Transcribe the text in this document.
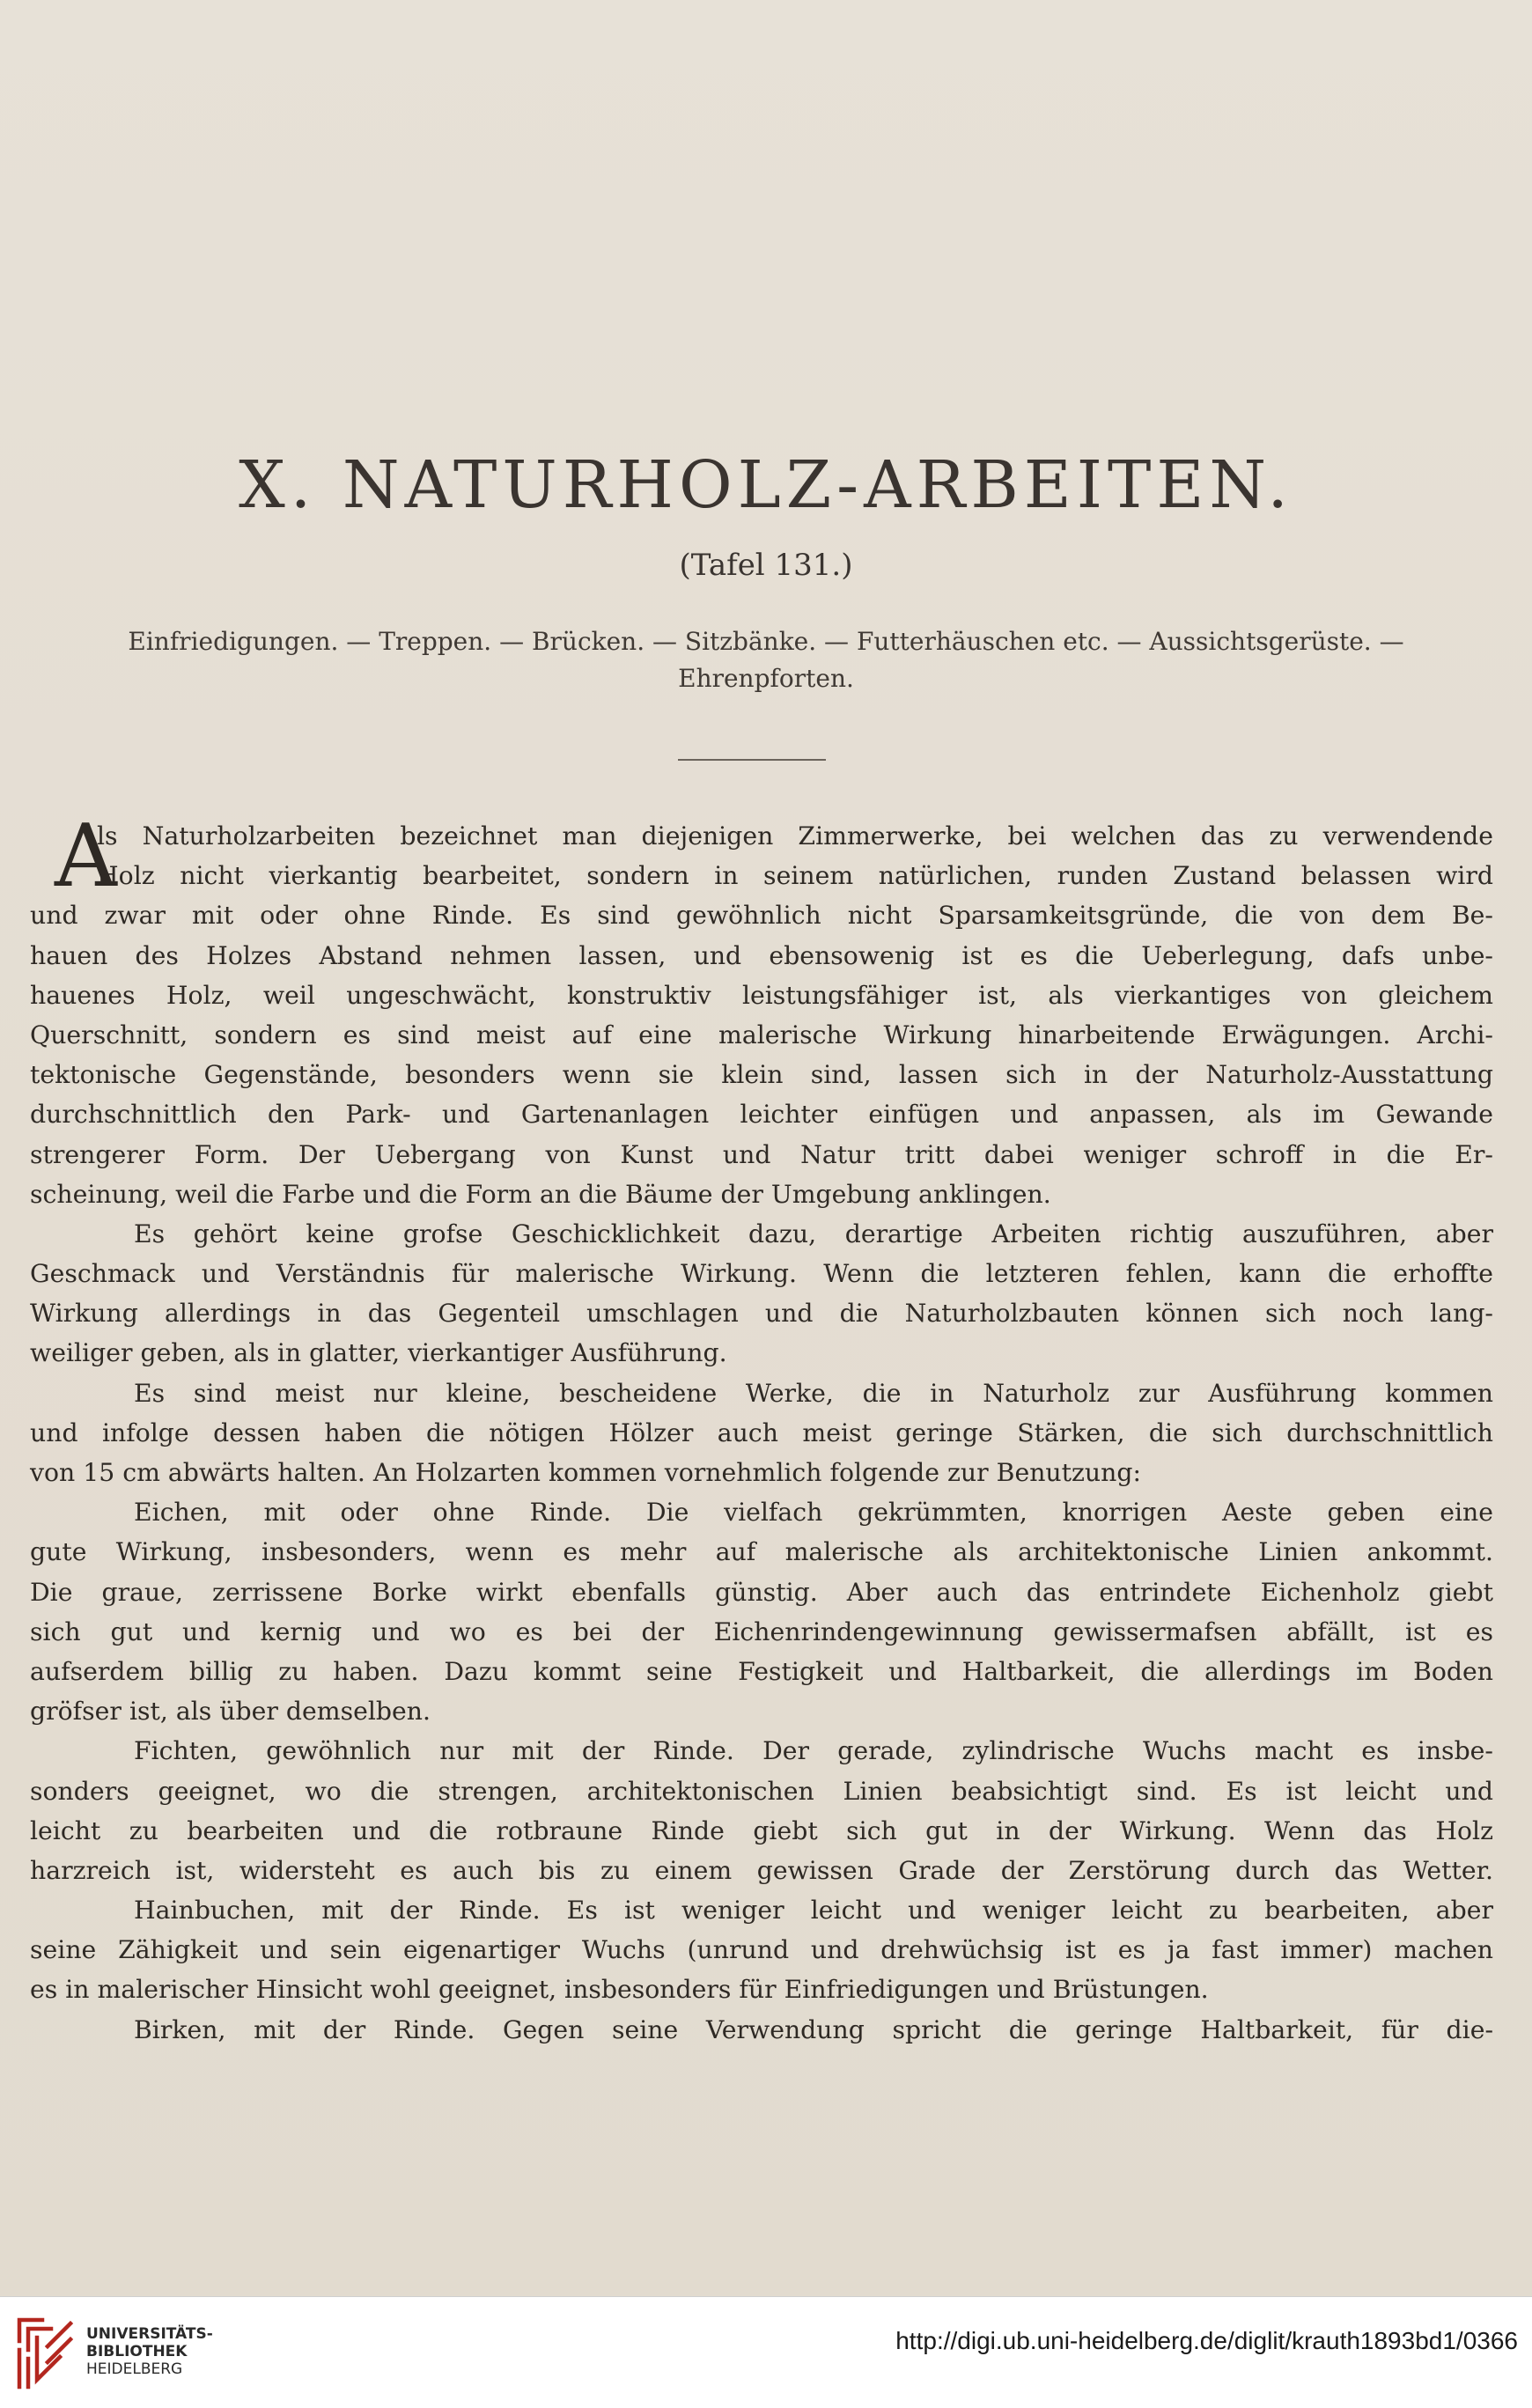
X. NATURHOLZ-ARBEITEN.
(Tafel 131.)
Einfriedigungen. — Treppen. — Brücken. — Sitzbänke. — Futterhäuschen etc. — Aussichtsgerüste. —
Ehrenpforten.
A
ls Naturholzarbeiten bezeichnet man diejenigen Zimmerwerke, bei welchen das zu verwendende
Holz nicht vierkantig bearbeitet, sondern in seinem natürlichen, runden Zustand belassen wird
und zwar mit oder ohne Rinde. Es sind gewöhnlich nicht Sparsamkeitsgründe, die von dem Be-
hauen des Holzes Abstand nehmen lassen, und ebensowenig ist es die Ueberlegung, dafs unbe-
hauenes Holz, weil ungeschwächt, konstruktiv leistungsfähiger ist, als vierkantiges von gleichem
Querschnitt, sondern es sind meist auf eine malerische Wirkung hinarbeitende Erwägungen. Archi-
tektonische Gegenstände, besonders wenn sie klein sind, lassen sich in der Naturholz-Ausstattung
durchschnittlich den Park- und Gartenanlagen leichter einfügen und anpassen, als im Gewande
strengerer Form. Der Uebergang von Kunst und Natur tritt dabei weniger schroff in die Er-
scheinung, weil die Farbe und die Form an die Bäume der Umgebung anklingen.
Es gehört keine grofse Geschicklichkeit dazu, derartige Arbeiten richtig auszuführen, aber
Geschmack und Verständnis für malerische Wirkung. Wenn die letzteren fehlen, kann die erhoffte
Wirkung allerdings in das Gegenteil umschlagen und die Naturholzbauten können sich noch lang-
weiliger geben, als in glatter, vierkantiger Ausführung.
Es sind meist nur kleine, bescheidene Werke, die in Naturholz zur Ausführung kommen
und infolge dessen haben die nötigen Hölzer auch meist geringe Stärken, die sich durchschnittlich
von 15 cm abwärts halten. An Holzarten kommen vornehmlich folgende zur Benutzung:
Eichen, mit oder ohne Rinde. Die vielfach gekrümmten, knorrigen Aeste geben eine
gute Wirkung, insbesonders, wenn es mehr auf malerische als architektonische Linien ankommt.
Die graue, zerrissene Borke wirkt ebenfalls günstig. Aber auch das entrindete Eichenholz giebt
sich gut und kernig und wo es bei der Eichenrindengewinnung gewissermafsen abfällt, ist es
aufserdem billig zu haben. Dazu kommt seine Festigkeit und Haltbarkeit, die allerdings im Boden
gröfser ist, als über demselben.
Fichten, gewöhnlich nur mit der Rinde. Der gerade, zylindrische Wuchs macht es insbe-
sonders geeignet, wo die strengen, architektonischen Linien beabsichtigt sind. Es ist leicht und
leicht zu bearbeiten und die rotbraune Rinde giebt sich gut in der Wirkung. Wenn das Holz
harzreich ist, widersteht es auch bis zu einem gewissen Grade der Zerstörung durch das Wetter.
Hainbuchen, mit der Rinde. Es ist weniger leicht und weniger leicht zu bearbeiten, aber
seine Zähigkeit und sein eigenartiger Wuchs (unrund und drehwüchsig ist es ja fast immer) machen
es in malerischer Hinsicht wohl geeignet, insbesonders für Einfriedigungen und Brüstungen.
Birken, mit der Rinde. Gegen seine Verwendung spricht die geringe Haltbarkeit, für die-
UNIVERSITÄTS-
BIBLIOTHEK
HEIDELBERG
http://digi.ub.uni-heidelberg.de/diglit/krauth1893bd1/0366
